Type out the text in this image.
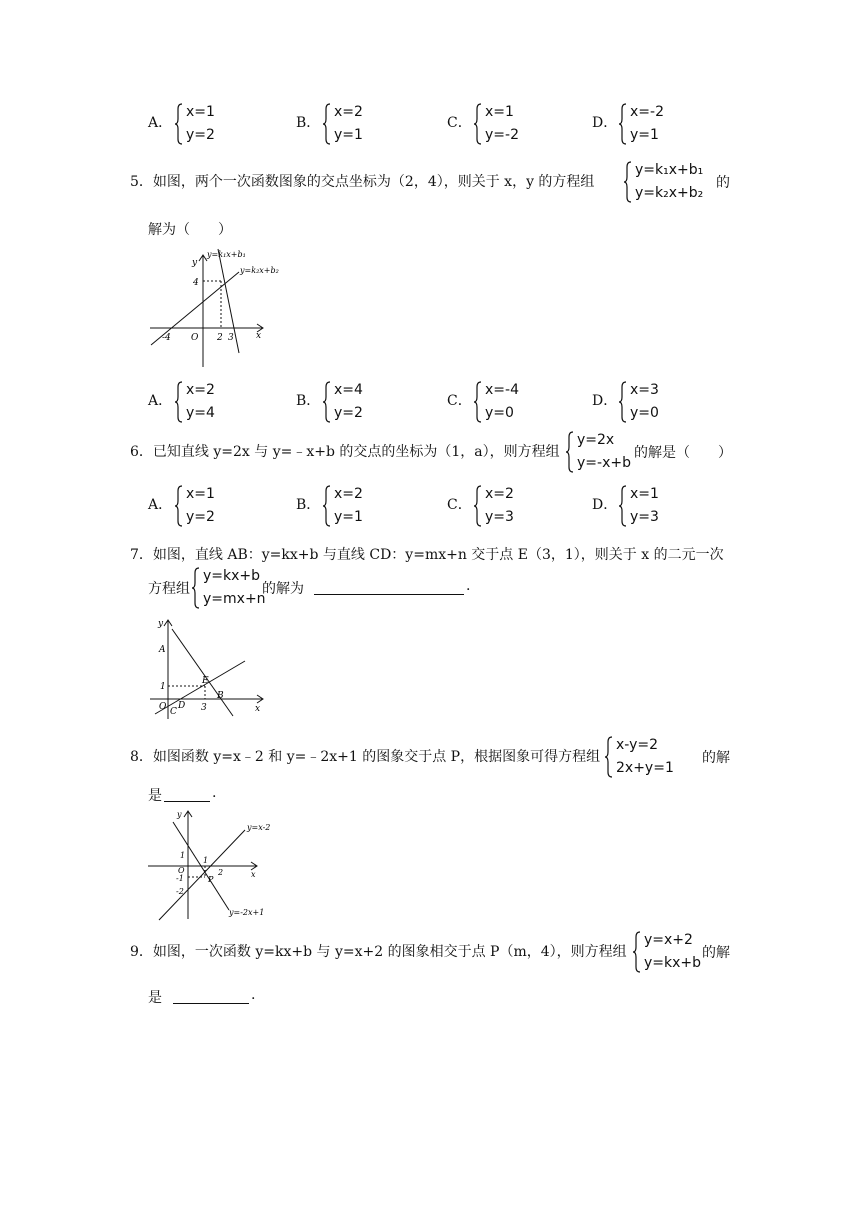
A．
x=1
y=2
B．
x=2
y=1
C．
x=1
y=-2
D．
x=-2
y=1
5．如图，两个一次函数图象的交点坐标为（2，4），则关于 x，y 的方程组
y=k₁x+b₁
y=k₂x+b₂
的
解为（　　）
y=k₁x+b₁
y=k₂x+b₂
y
x
4
-4 O 2 3
A．
x=2
y=4
B．
x=4
y=2
C．
x=-4
y=0
D．
x=3
y=0
6．已知直线 y=2x 与 y=﹣x+b 的交点的坐标为（1，a），则方程组
y=2x
y=-x+b
的解是（　　）
A．
x=1
y=2
B．
x=2
y=1
C．
x=2
y=3
D．
x=1
y=3
7．如图，直线 AB：y=kx+b 与直线 CD：y=mx+n 交于点 E（3，1），则关于 x 的二元一次
方程组
y=kx+b
y=mx+n
的解为	.
y
A
E
B
C
D
O
1
3	x
8．如图函数 y=x﹣2 和 y=﹣2x+1 的图象交于点 P，根据图象可得方程组
x-y=2
2x+y=1
的解
是	.
y
y=x-2
y=-2x+1
1
O
-1
-2
1
2
P
x
9．如图，一次函数 y=kx+b 与 y=x+2 的图象相交于点 P（m，4），则方程组
y=x+2
y=kx+b
的解
是	.
